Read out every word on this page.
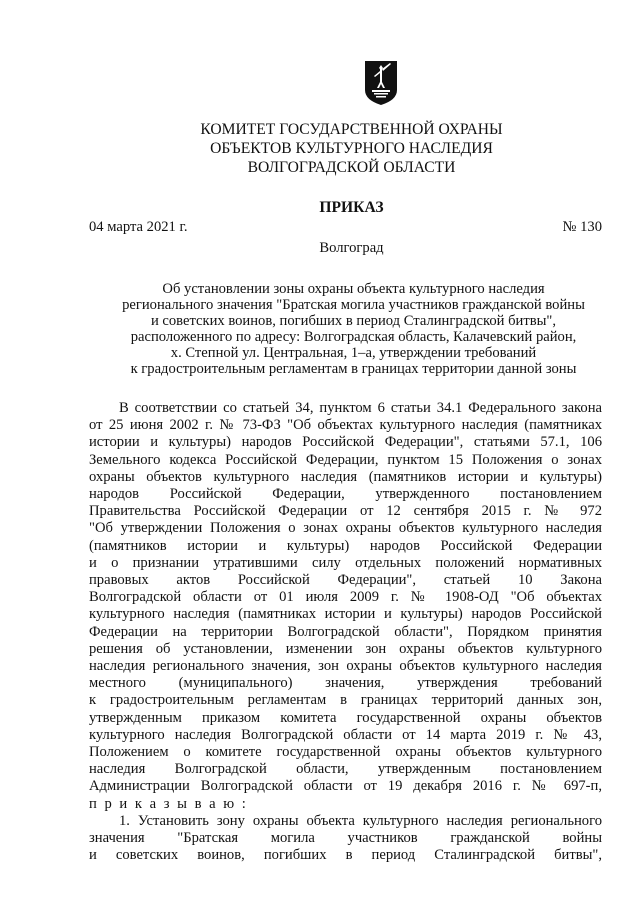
КОМИТЕТ ГОСУДАРСТВЕННОЙ ОХРАНЫ
ОБЪЕКТОВ КУЛЬТУРНОГО НАСЛЕДИЯ
ВОЛГОГРАДСКОЙ ОБЛАСТИ
ПРИКАЗ
04 марта 2021 г.	№ 130
Волгоград
Об установлении зоны охраны объекта культурного наследия
регионального значения "Братская могила участников гражданской войны
и советских воинов, погибших в период Сталинградской битвы",
расположенного по адресу: Волгоградская область, Калачевский район,
х. Степной ул. Центральная, 1–а, утверждении требований
к градостроительным регламентам в границах территории данной зоны
В соответствии со статьей 34, пунктом 6 статьи 34.1 Федерального закона
от 25 июня 2002 г. № 73-ФЗ "Об объектах культурного наследия (памятниках
истории и культуры) народов Российской Федерации", статьями 57.1, 106
Земельного кодекса Российской Федерации, пунктом 15 Положения о зонах
охраны объектов культурного наследия (памятников истории и культуры)
народов Российской Федерации, утвержденного постановлением
Правительства Российской Федерации от 12 сентября 2015 г. № 972
"Об утверждении Положения о зонах охраны объектов культурного наследия
(памятников истории и культуры) народов Российской Федерации
и о признании утратившими силу отдельных положений нормативных
правовых актов Российской Федерации", статьей 10 Закона
Волгоградской области от 01 июля 2009 г. № 1908-ОД "Об объектах
культурного наследия (памятниках истории и культуры) народов Российской
Федерации на территории Волгоградской области", Порядком принятия
решения об установлении, изменении зон охраны объектов культурного
наследия регионального значения, зон охраны объектов культурного наследия
местного (муниципального) значения, утверждения требований
к градостроительным регламентам в границах территорий данных зон,
утвержденным приказом комитета государственной охраны объектов
культурного наследия Волгоградской области от 14 марта 2019 г. № 43,
Положением о комитете государственной охраны объектов культурного
наследия Волгоградской области, утвержденным постановлением
Администрации Волгоградской области от 19 декабря 2016 г. № 697-п,
п р и к а з ы в а ю :
1. Установить зону охраны объекта культурного наследия регионального
значения "Братская могила участников гражданской войны
и советских воинов, погибших в период Сталинградской битвы",
